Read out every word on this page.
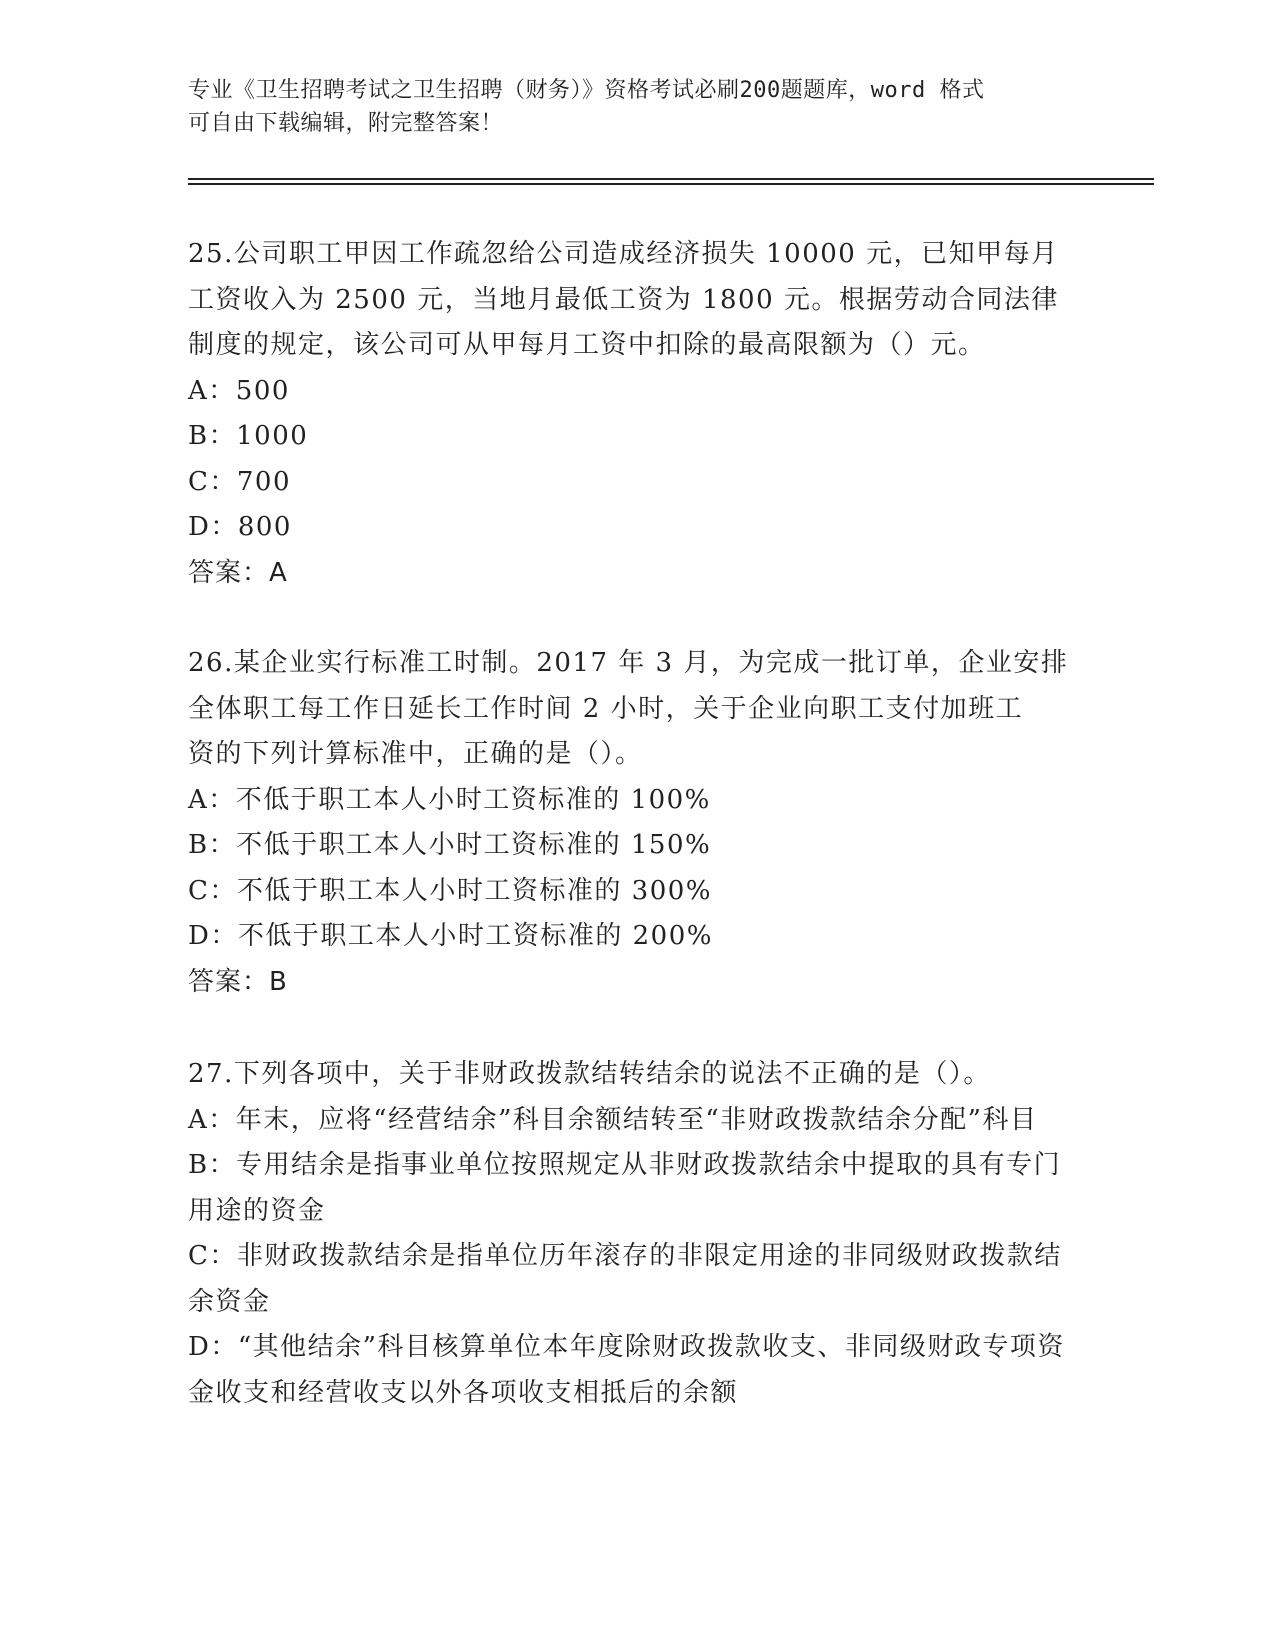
专业《卫生招聘考试之卫生招聘（财务）》资格考试必刷200题题库，word 格式
可自由下载编辑，附完整答案！
25.公司职工甲因工作疏忽给公司造成经济损失 10000 元，已知甲每月
工资收入为 2500 元，当地月最低工资为 1800 元。根据劳动合同法律
制度的规定，该公司可从甲每月工资中扣除的最高限额为（）元。
A：500
B：1000
C：700
D：800
答案：A
26.某企业实行标准工时制。2017 年 3 月，为完成一批订单，企业安排
全体职工每工作日延长工作时间 2 小时，关于企业向职工支付加班工
资的下列计算标准中，正确的是（）。
A：不低于职工本人小时工资标准的 100%
B：不低于职工本人小时工资标准的 150%
C：不低于职工本人小时工资标准的 300%
D：不低于职工本人小时工资标准的 200%
答案：B
27.下列各项中，关于非财政拨款结转结余的说法不正确的是（）。
A：年末，应将“经营结余”科目余额结转至“非财政拨款结余分配”科目
B：专用结余是指事业单位按照规定从非财政拨款结余中提取的具有专门用途的资金
C：非财政拨款结余是指单位历年滚存的非限定用途的非同级财政拨款结余资金
D：“其他结余”科目核算单位本年度除财政拨款收支、非同级财政专项资金收支和经营收支以外各项收支相抵后的余额
